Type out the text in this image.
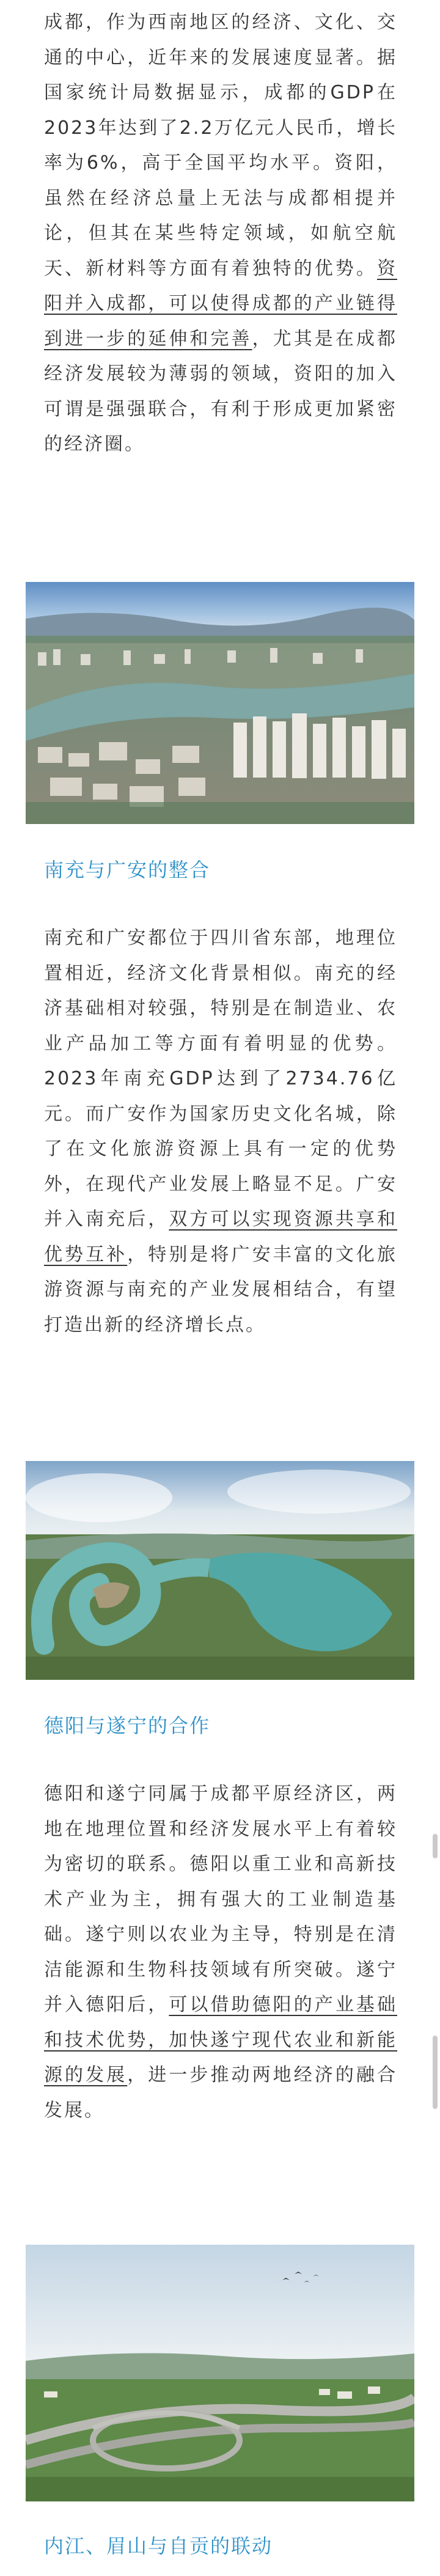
成都，作为西南地区的经济、文化、交通的中心，近年来的发展速度显著。据国家统计局数据显示，成都的GDP在2023年达到了2.2万亿元人民币，增长率为6%，高于全国平均水平。资阳，虽然在经济总量上无法与成都相提并论，但其在某些特定领域，如航空航天、新材料等方面有着独特的优势。资阳并入成都，可以使得成都的产业链得到进一步的延伸和完善，尤其是在成都经济发展较为薄弱的领域，资阳的加入可谓是强强联合，有利于形成更加紧密的经济圈。

南充与广安的整合

南充和广安都位于四川省东部，地理位置相近，经济文化背景相似。南充的经济基础相对较强，特别是在制造业、农业产品加工等方面有着明显的优势。2023年南充GDP达到了2734.76亿元。而广安作为国家历史文化名城，除了在文化旅游资源上具有一定的优势外，在现代产业发展上略显不足。广安并入南充后，双方可以实现资源共享和优势互补，特别是将广安丰富的文化旅游资源与南充的产业发展相结合，有望打造出新的经济增长点。

德阳与遂宁的合作

德阳和遂宁同属于成都平原经济区，两地在地理位置和经济发展水平上有着较为密切的联系。德阳以重工业和高新技术产业为主，拥有强大的工业制造基础。遂宁则以农业为主导，特别是在清洁能源和生物科技领域有所突破。遂宁并入德阳后，可以借助德阳的产业基础和技术优势，加快遂宁现代农业和新能源的发展，进一步推动两地经济的融合发展。

内江、眉山与自贡的联动
